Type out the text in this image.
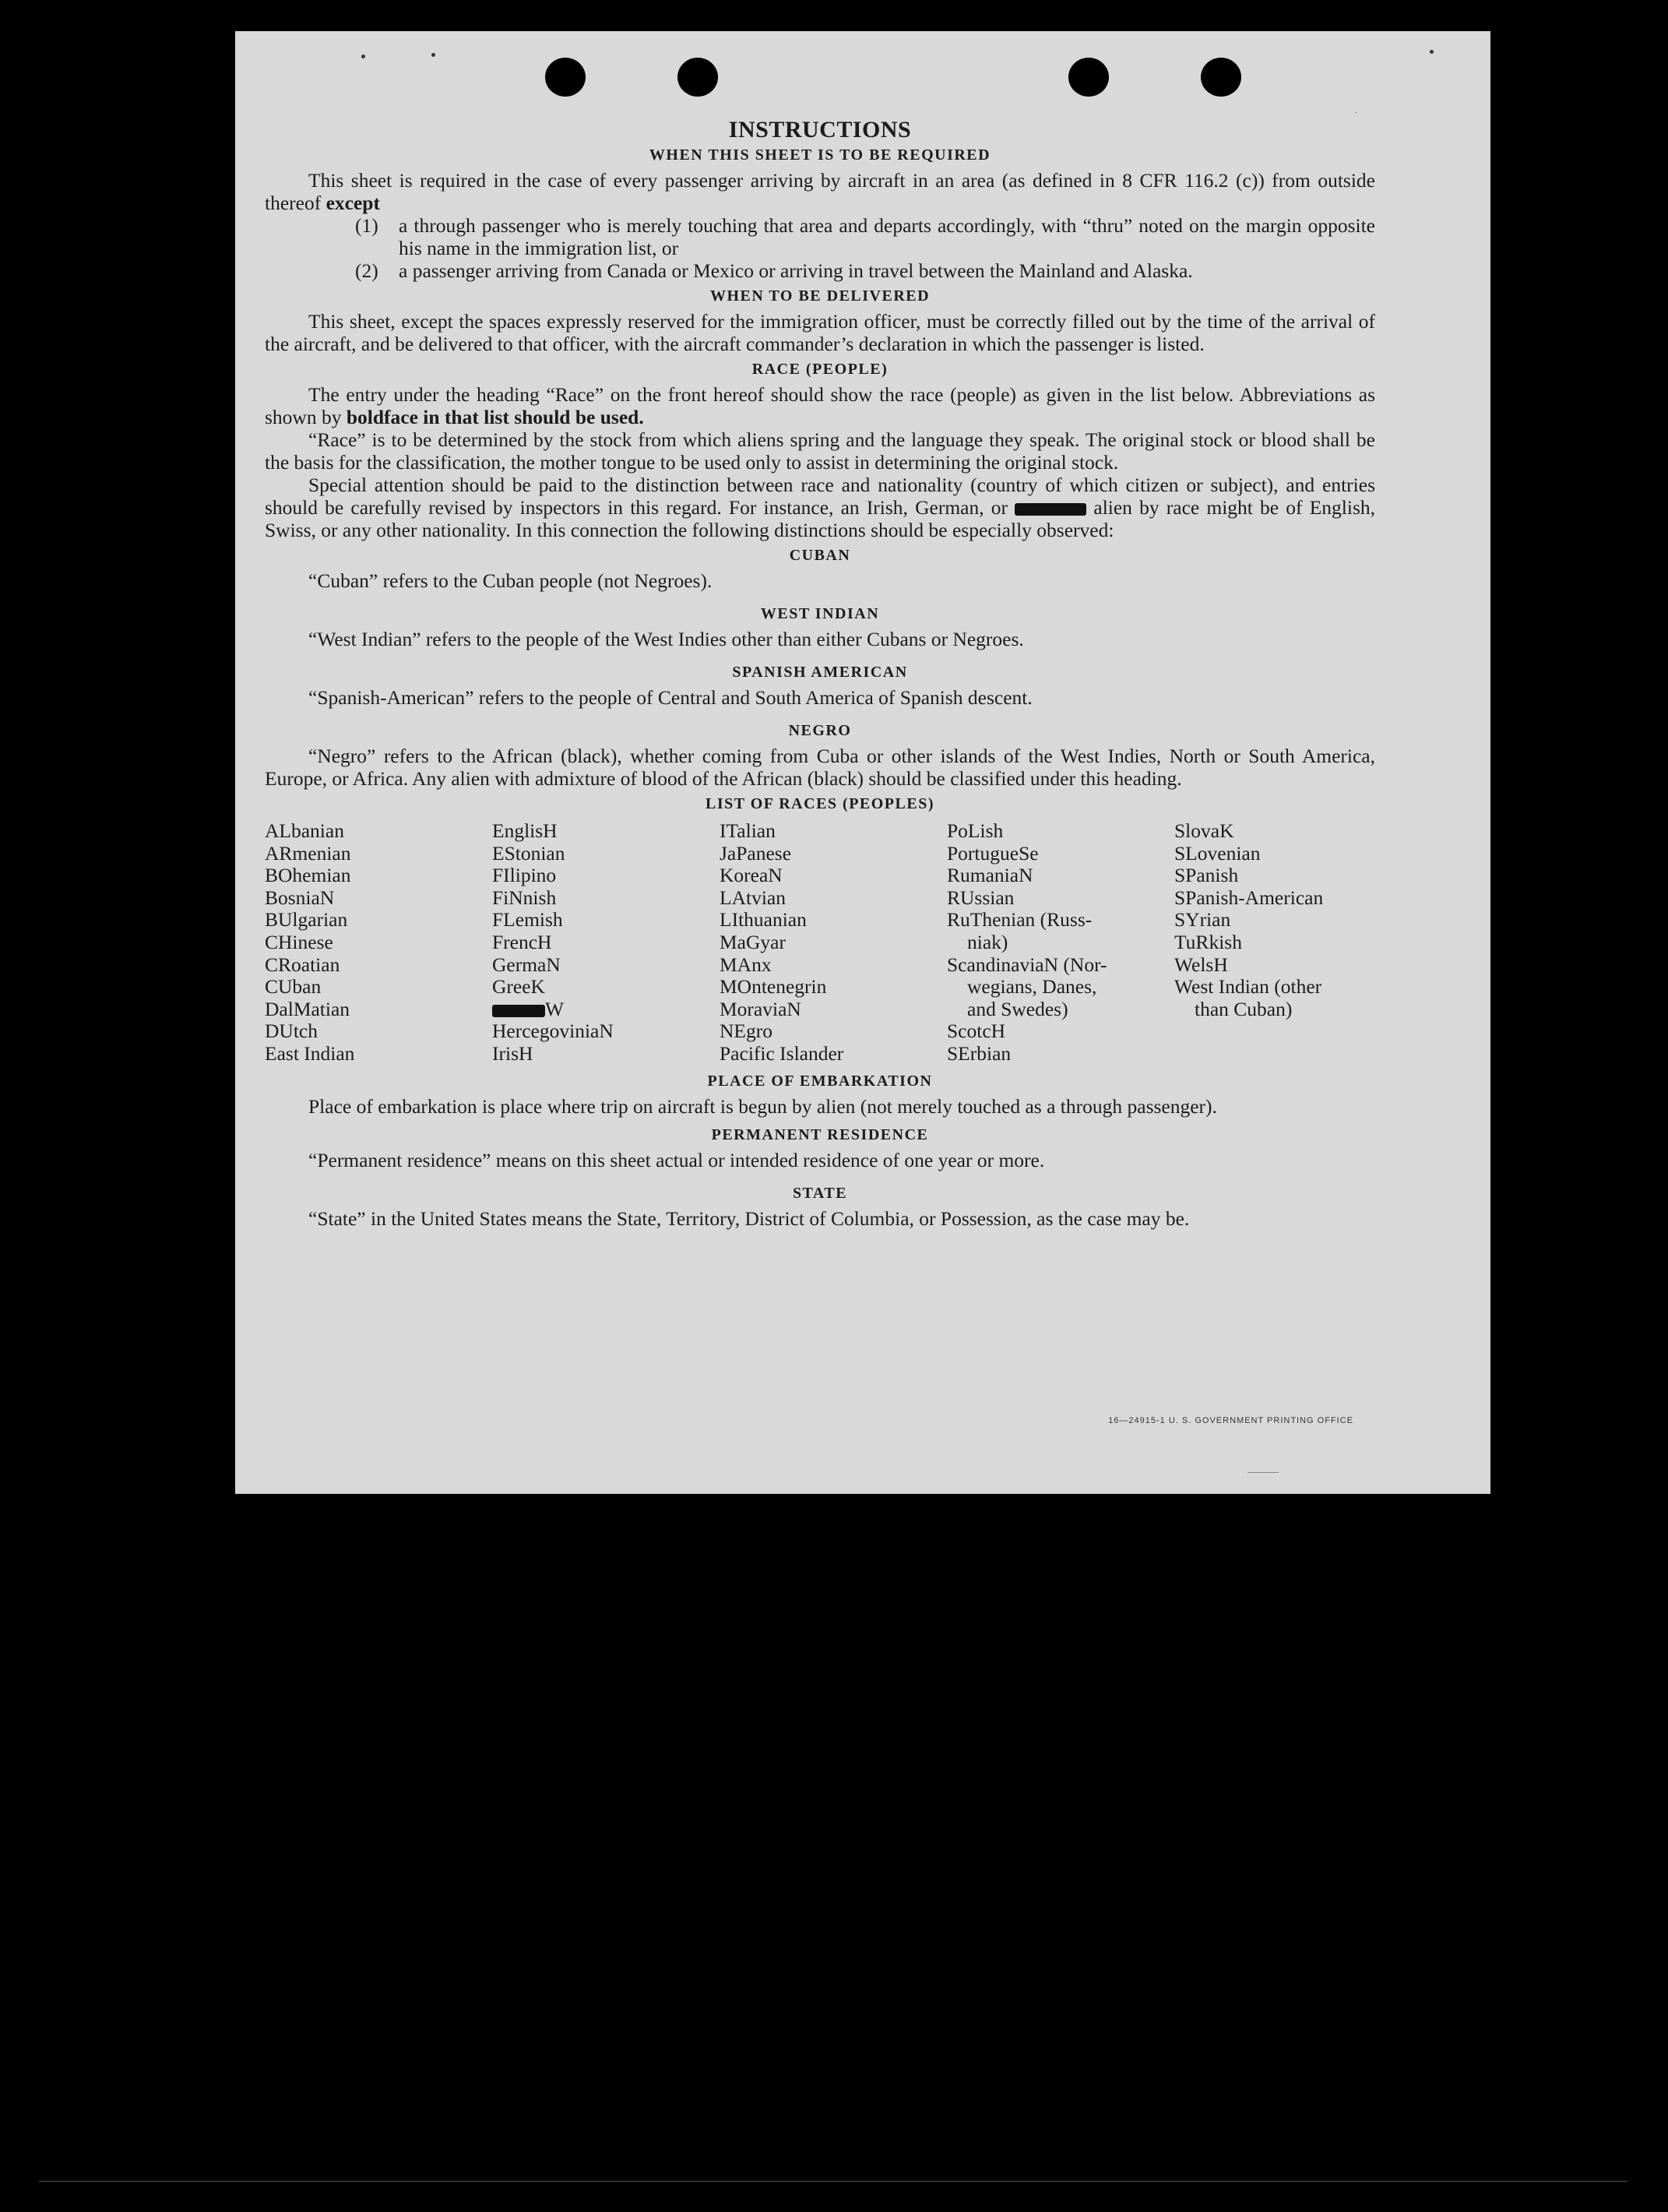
INSTRUCTIONS
WHEN THIS SHEET IS TO BE REQUIRED

This sheet is required in the case of every passenger arriving by aircraft in an area (as defined in 8 CFR 116.2 (c)) from outside thereof except

(1)	a through passenger who is merely touching that area and departs accordingly, with “thru” noted on the margin opposite his name in the immigration list, or
(2)	a passenger arriving from Canada or Mexico or arriving in travel between the Mainland and Alaska.
WHEN TO BE DELIVERED

This sheet, except the spaces expressly reserved for the immigration officer, must be correctly filled out by the time of the arrival of the aircraft, and be delivered to that officer, with the aircraft commander’s declaration in which the passenger is listed.

RACE (PEOPLE)

The entry under the heading “Race” on the front hereof should show the race (people) as given in the list below. Abbreviations as shown by boldface in that list should be used.

“Race” is to be determined by the stock from which aliens spring and the language they speak. The original stock or blood shall be the basis for the classification, the mother tongue to be used only to assist in determining the original stock.

Special attention should be paid to the distinction between race and nationality (country of which citizen or subject), and entries should be carefully revised by inspectors in this regard. For instance, an Irish, German, or	alien by race might be of English, Swiss, or any other nationality. In this connection the following distinctions should be especially observed:

CUBAN

“Cuban” refers to the Cuban people (not Negroes).

WEST INDIAN

“West Indian” refers to the people of the West Indies other than either Cubans or Negroes.

SPANISH AMERICAN

“Spanish-American” refers to the people of Central and South America of Spanish descent.

NEGRO

“Negro” refers to the African (black), whether coming from Cuba or other islands of the West Indies, North or South America, Europe, or Africa. Any alien with admixture of blood of the African (black) should be classified under this heading.

LIST OF RACES (PEOPLES)
ALbanian
ARmenian
BOhemian
BosniaN
BUlgarian
CHinese
CRoatian
CUban
DalMatian
DUtch
East Indian
EnglisH
EStonian
FIlipino
FiNnish
FLemish
FrencH
GermaN
GreeK
W
HercegoviniaN
IrisH
ITalian
JaPanese
KoreaN
LAtvian
LIthuanian
MaGyar
MAnx
MOntenegrin
MoraviaN
NEgro
Pacific Islander
PoLish
PortugueSe
RumaniaN
RUssian
RuThenian (Russ-
niak)
ScandinaviaN (Nor-
wegians, Danes,
and Swedes)
ScotcH
SErbian
SlovaK
SLovenian
SPanish
SPanish-American
SYrian
TuRkish
WelsH
West Indian (other
than Cuban)
PLACE OF EMBARKATION

Place of embarkation is place where trip on aircraft is begun by alien (not merely touched as a through passenger).

PERMANENT RESIDENCE

“Permanent residence” means on this sheet actual or intended residence of one year or more.

STATE

“State” in the United States means the State, Territory, District of Columbia, or Possession, as the case may be.

16—24915-1 U. S. GOVERNMENT PRINTING OFFICE
